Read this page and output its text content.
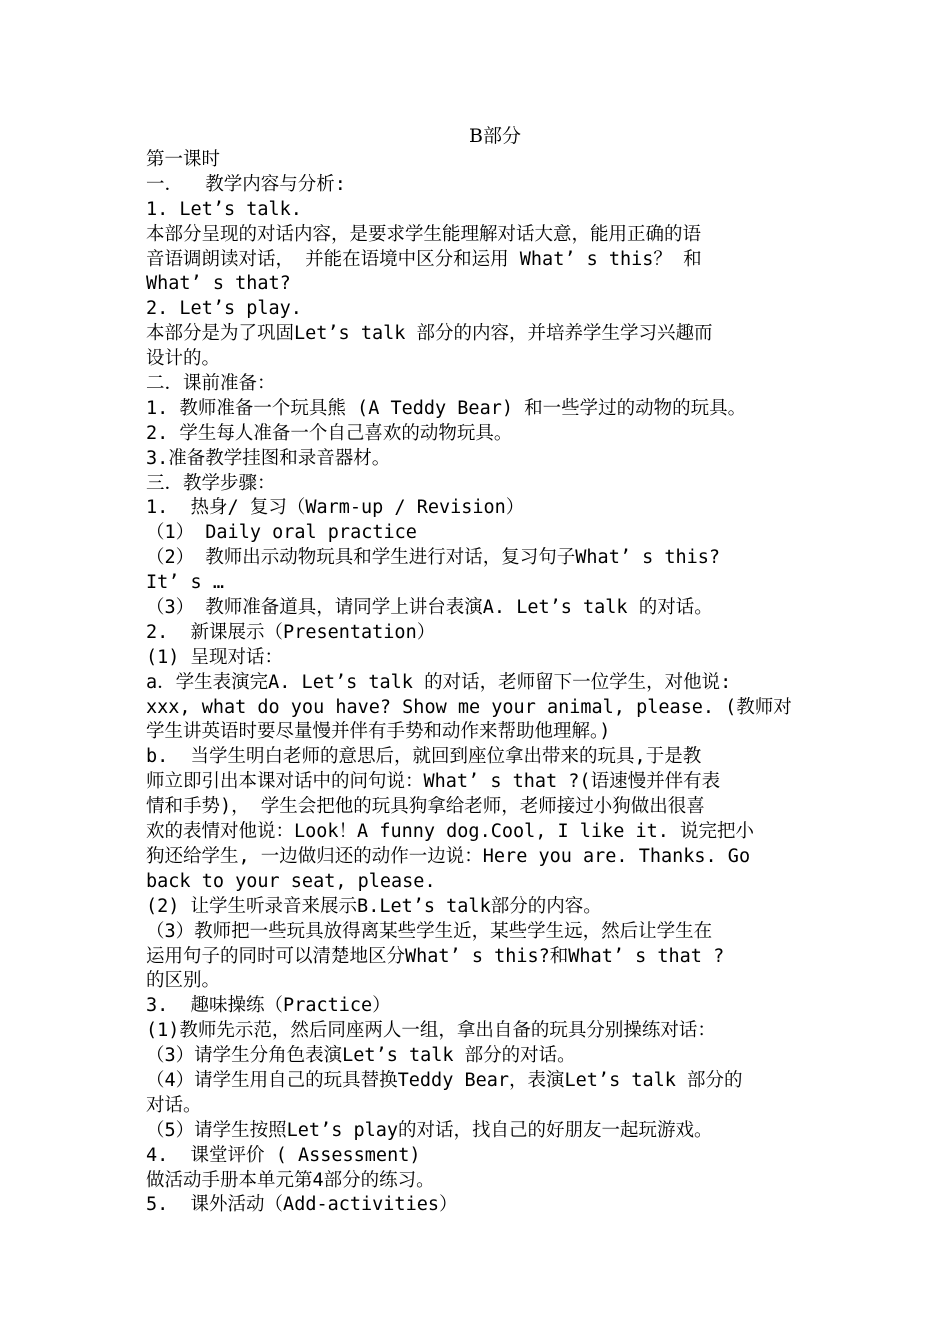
B部分
第一课时
一．  教学内容与分析:
1. Let’s talk.
本部分呈现的对话内容，是要求学生能理解对话大意，能用正确的语
音语调朗读对话， 并能在语境中区分和运用 What’ s this？ 和
What’ s that?
2. Let’s play.
本部分是为了巩固Let’s talk 部分的内容，并培养学生学习兴趣而
设计的。
二．课前准备：
1. 教师准备一个玩具熊 (A Teddy Bear) 和一些学过的动物的玩具。
2. 学生每人准备一个自己喜欢的动物玩具。
3.准备教学挂图和录音器材。
三．教学步骤：
1.  热身/ 复习（Warm-up / Revision）
（1） Daily oral practice
（2） 教师出示动物玩具和学生进行对话，复习句子What’ s this?
It’ s …
（3） 教师准备道具，请同学上讲台表演A. Let’s talk 的对话。
2.  新课展示（Presentation）
(1) 呈现对话：
a．学生表演完A. Let’s talk 的对话，老师留下一位学生，对他说:
xxx, what do you have? Show me your animal, please. (教师对
学生讲英语时要尽量慢并伴有手势和动作来帮助他理解。)
b.  当学生明白老师的意思后，就回到座位拿出带来的玩具,于是教
师立即引出本课对话中的问句说：What’ s that ?(语速慢并伴有表
情和手势)， 学生会把他的玩具狗拿给老师，老师接过小狗做出很喜
欢的表情对他说：Look！A funny dog.Cool, I like it. 说完把小
狗还给学生, 一边做归还的动作一边说：Here you are. Thanks. Go
back to your seat, please.
(2) 让学生听录音来展示B.Let’s talk部分的内容。
（3）教师把一些玩具放得离某些学生近，某些学生远，然后让学生在
运用句子的同时可以清楚地区分What’ s this?和What’ s that ?
的区别。
3.  趣味操练（Practice）
(1)教师先示范，然后同座两人一组，拿出自备的玩具分别操练对话：
（3）请学生分角色表演Let’s talk 部分的对话。
（4）请学生用自己的玩具替换Teddy Bear，表演Let’s talk 部分的
对话。
（5）请学生按照Let’s play的对话，找自己的好朋友一起玩游戏。
4.  课堂评价 ( Assessment)
做活动手册本单元第4部分的练习。
5.  课外活动（Add-activities）
